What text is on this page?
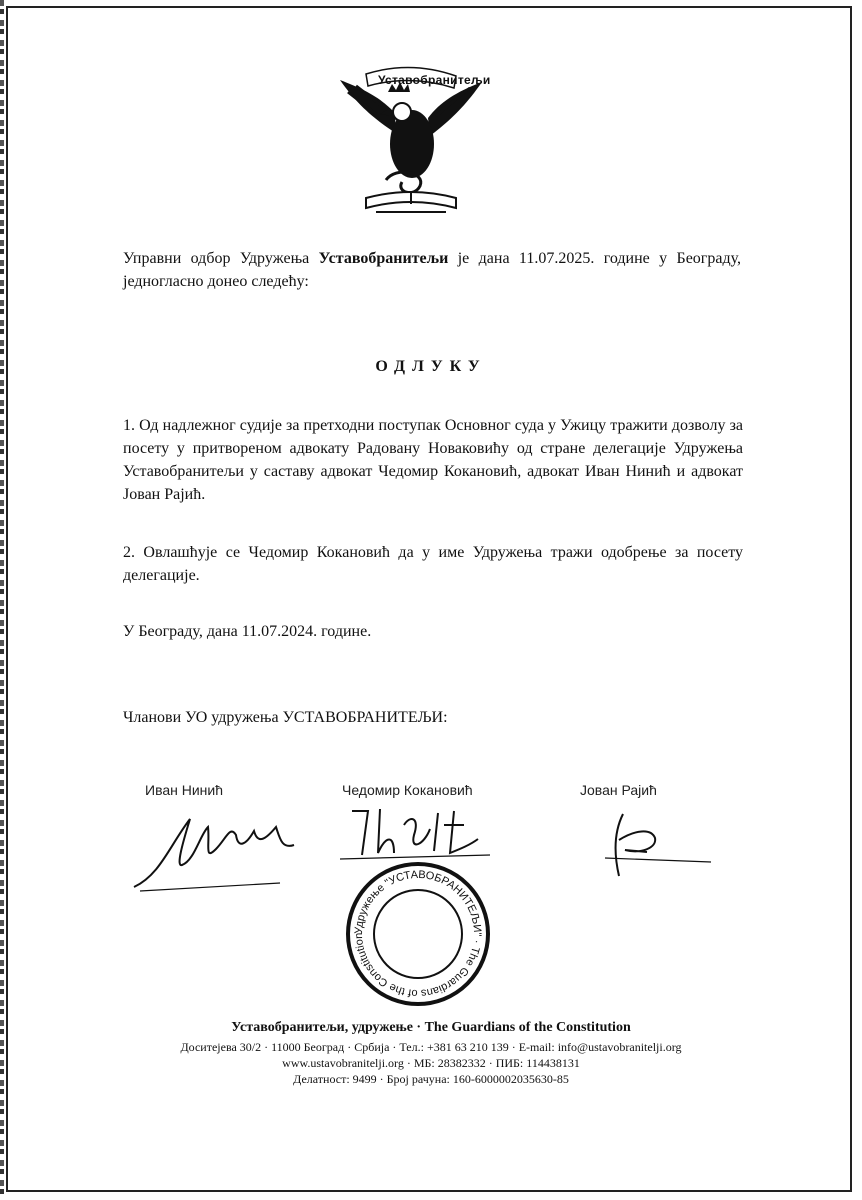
Уставобранитељи
Управни одбор Удружења Уставобранитељи је дана 11.07.2025. године у Београду, једногласно донео следећу:
ОДЛУКУ
1. Од надлежног судије за претходни поступак Основног суда у Ужицу тражити дозволу за посету у притвореном адвокату Радовану Новаковићу од стране делегације Удружења Уставобранитељи у саставу адвокат Чедомир Кокановић, адвокат Иван Нинић и адвокат Јован Рајић.
2. Овлашћује се Чедомир Кокановић да у име Удружења тражи одобрење за посету делегације.
У Београду, дана 11.07.2024. године.
Чланови УО удружења УСТАВОБРАНИТЕЉИ:
Иван Нинић	Чедомир Кокановић	Јован Рајић
Удружење "УСТАВОБРАНИТЕЉИ" · The Guardians of the Constitution
Уставобранитељи, удружење · The Guardians of the Constitution
Доситејева 30/2 · 11000 Београд · Србија · Тел.: +381 63 210 139 · E-mail: info@ustavobranitelji.org
www.ustavobranitelji.org · МБ: 28382332 · ПИБ: 114438131
Делатност: 9499 · Број рачуна: 160-6000002035630-85
